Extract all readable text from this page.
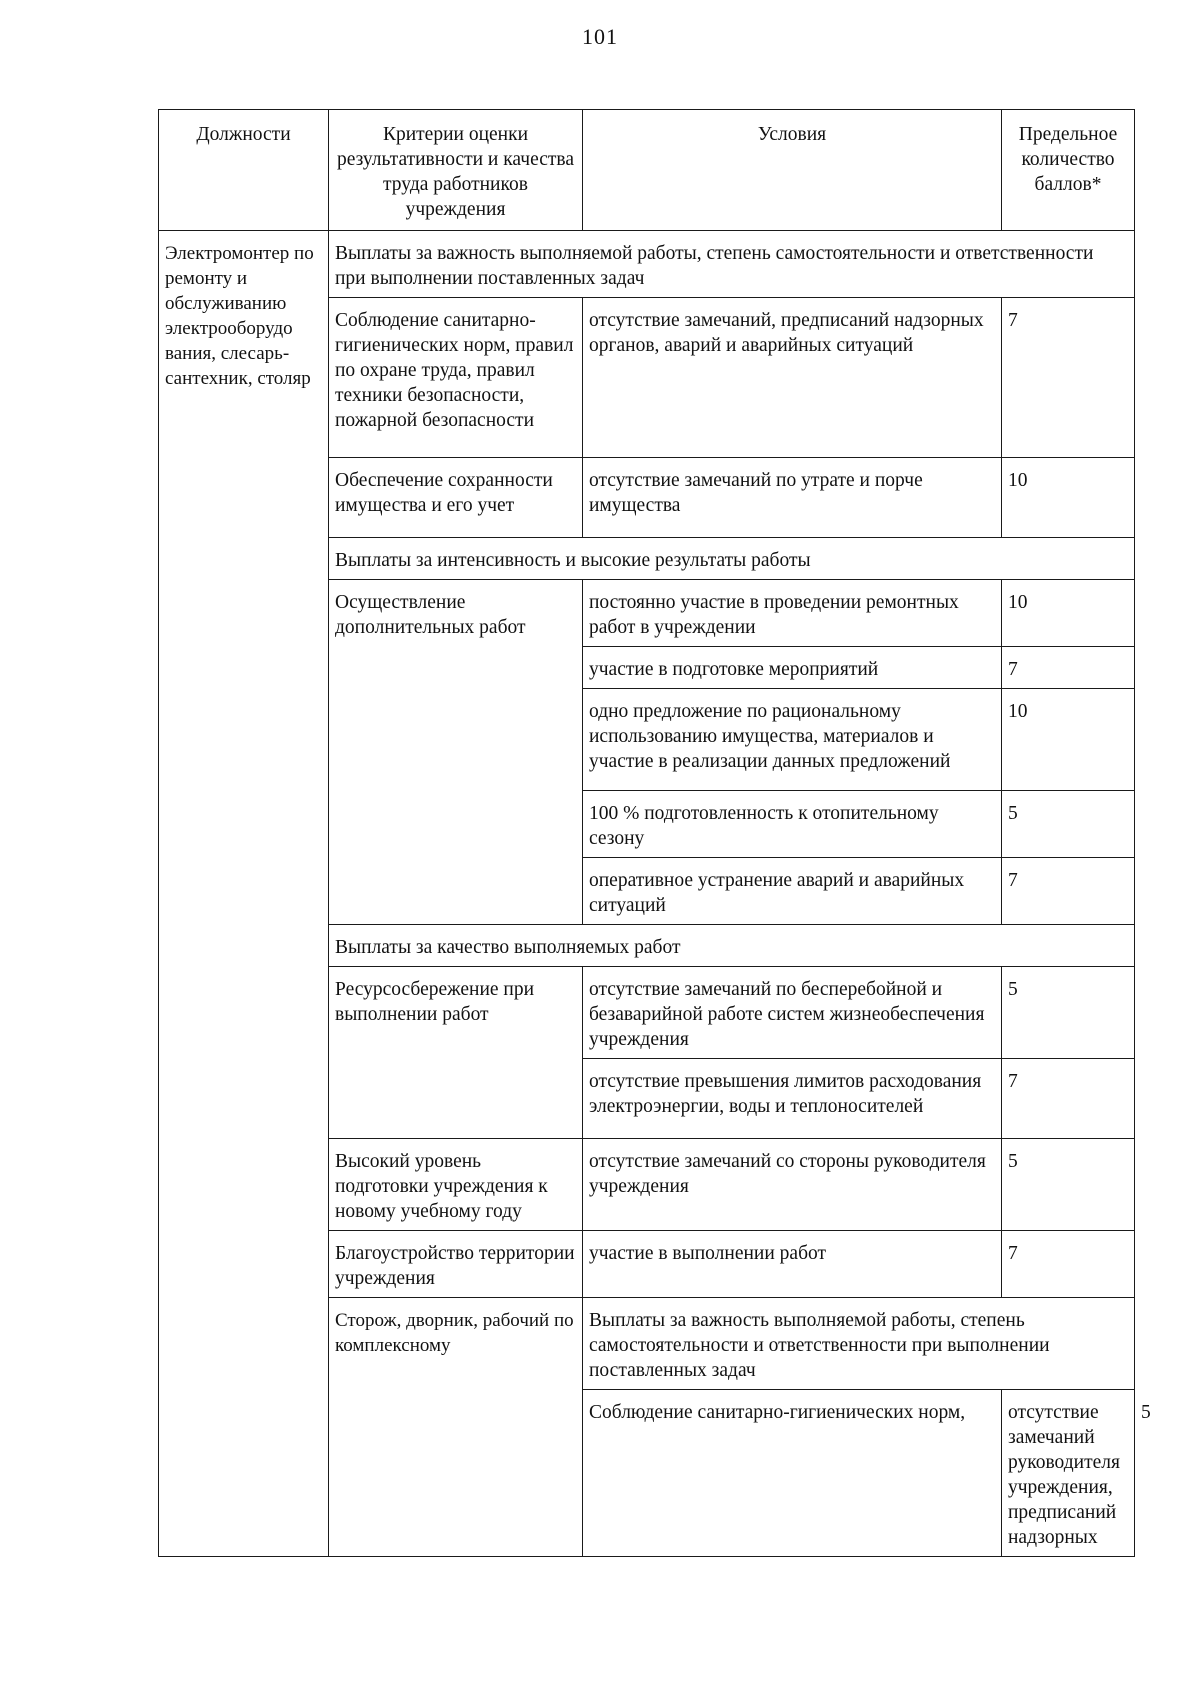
101
Должности	Критерии оценки результативности и качества труда работников учреждения	Условия	Предельное количество баллов*	
Электромонтер по ремонту и обслуживанию электрооборудо вания, слесарь-сантехник, столяр	Выплаты за важность выполняемой работы, степень самостоятельности и ответственности при выполнении поставленных задач			
	Соблюдение санитарно-гигиенических норм, правил по охране труда, правил техники безопасности, пожарной безопасности	отсутствие замечаний, предписаний надзорных органов, аварий и аварийных ситуаций	7	
	Обеспечение сохранности имущества и его учет	отсутствие замечаний по утрате и порче имущества	10	
	Выплаты за интенсивность и высокие результаты работы			
	Осуществление дополнительных работ	постоянно участие в проведении ремонтных работ в учреждении	10	
		участие в подготовке мероприятий	7	
		одно предложение по рациональному использованию имущества, материалов и участие в реализации данных предложений	10	
		100 % подготовленность к отопительному сезону	5	
		оперативное устранение аварий и аварийных ситуаций	7	
	Выплаты за качество выполняемых работ			
	Ресурсосбережение при выполнении работ	отсутствие замечаний по бесперебойной и безаварийной работе систем жизнеобеспечения учреждения	5	
		отсутствие превышения лимитов расходования электроэнергии, воды и теплоносителей	7	
	Высокий уровень подготовки учреждения к новому учебному году	отсутствие замечаний со стороны руководителя учреждения	5	
	Благоустройство территории учреждения	участие в выполнении работ	7	
	Сторож, дворник, рабочий по комплексному	Выплаты за важность выполняемой работы, степень самостоятельности и ответственности при выполнении поставленных задач		
		Соблюдение санитарно-гигиенических норм,	отсутствие замечаний руководителя учреждения, предписаний надзорных	5
